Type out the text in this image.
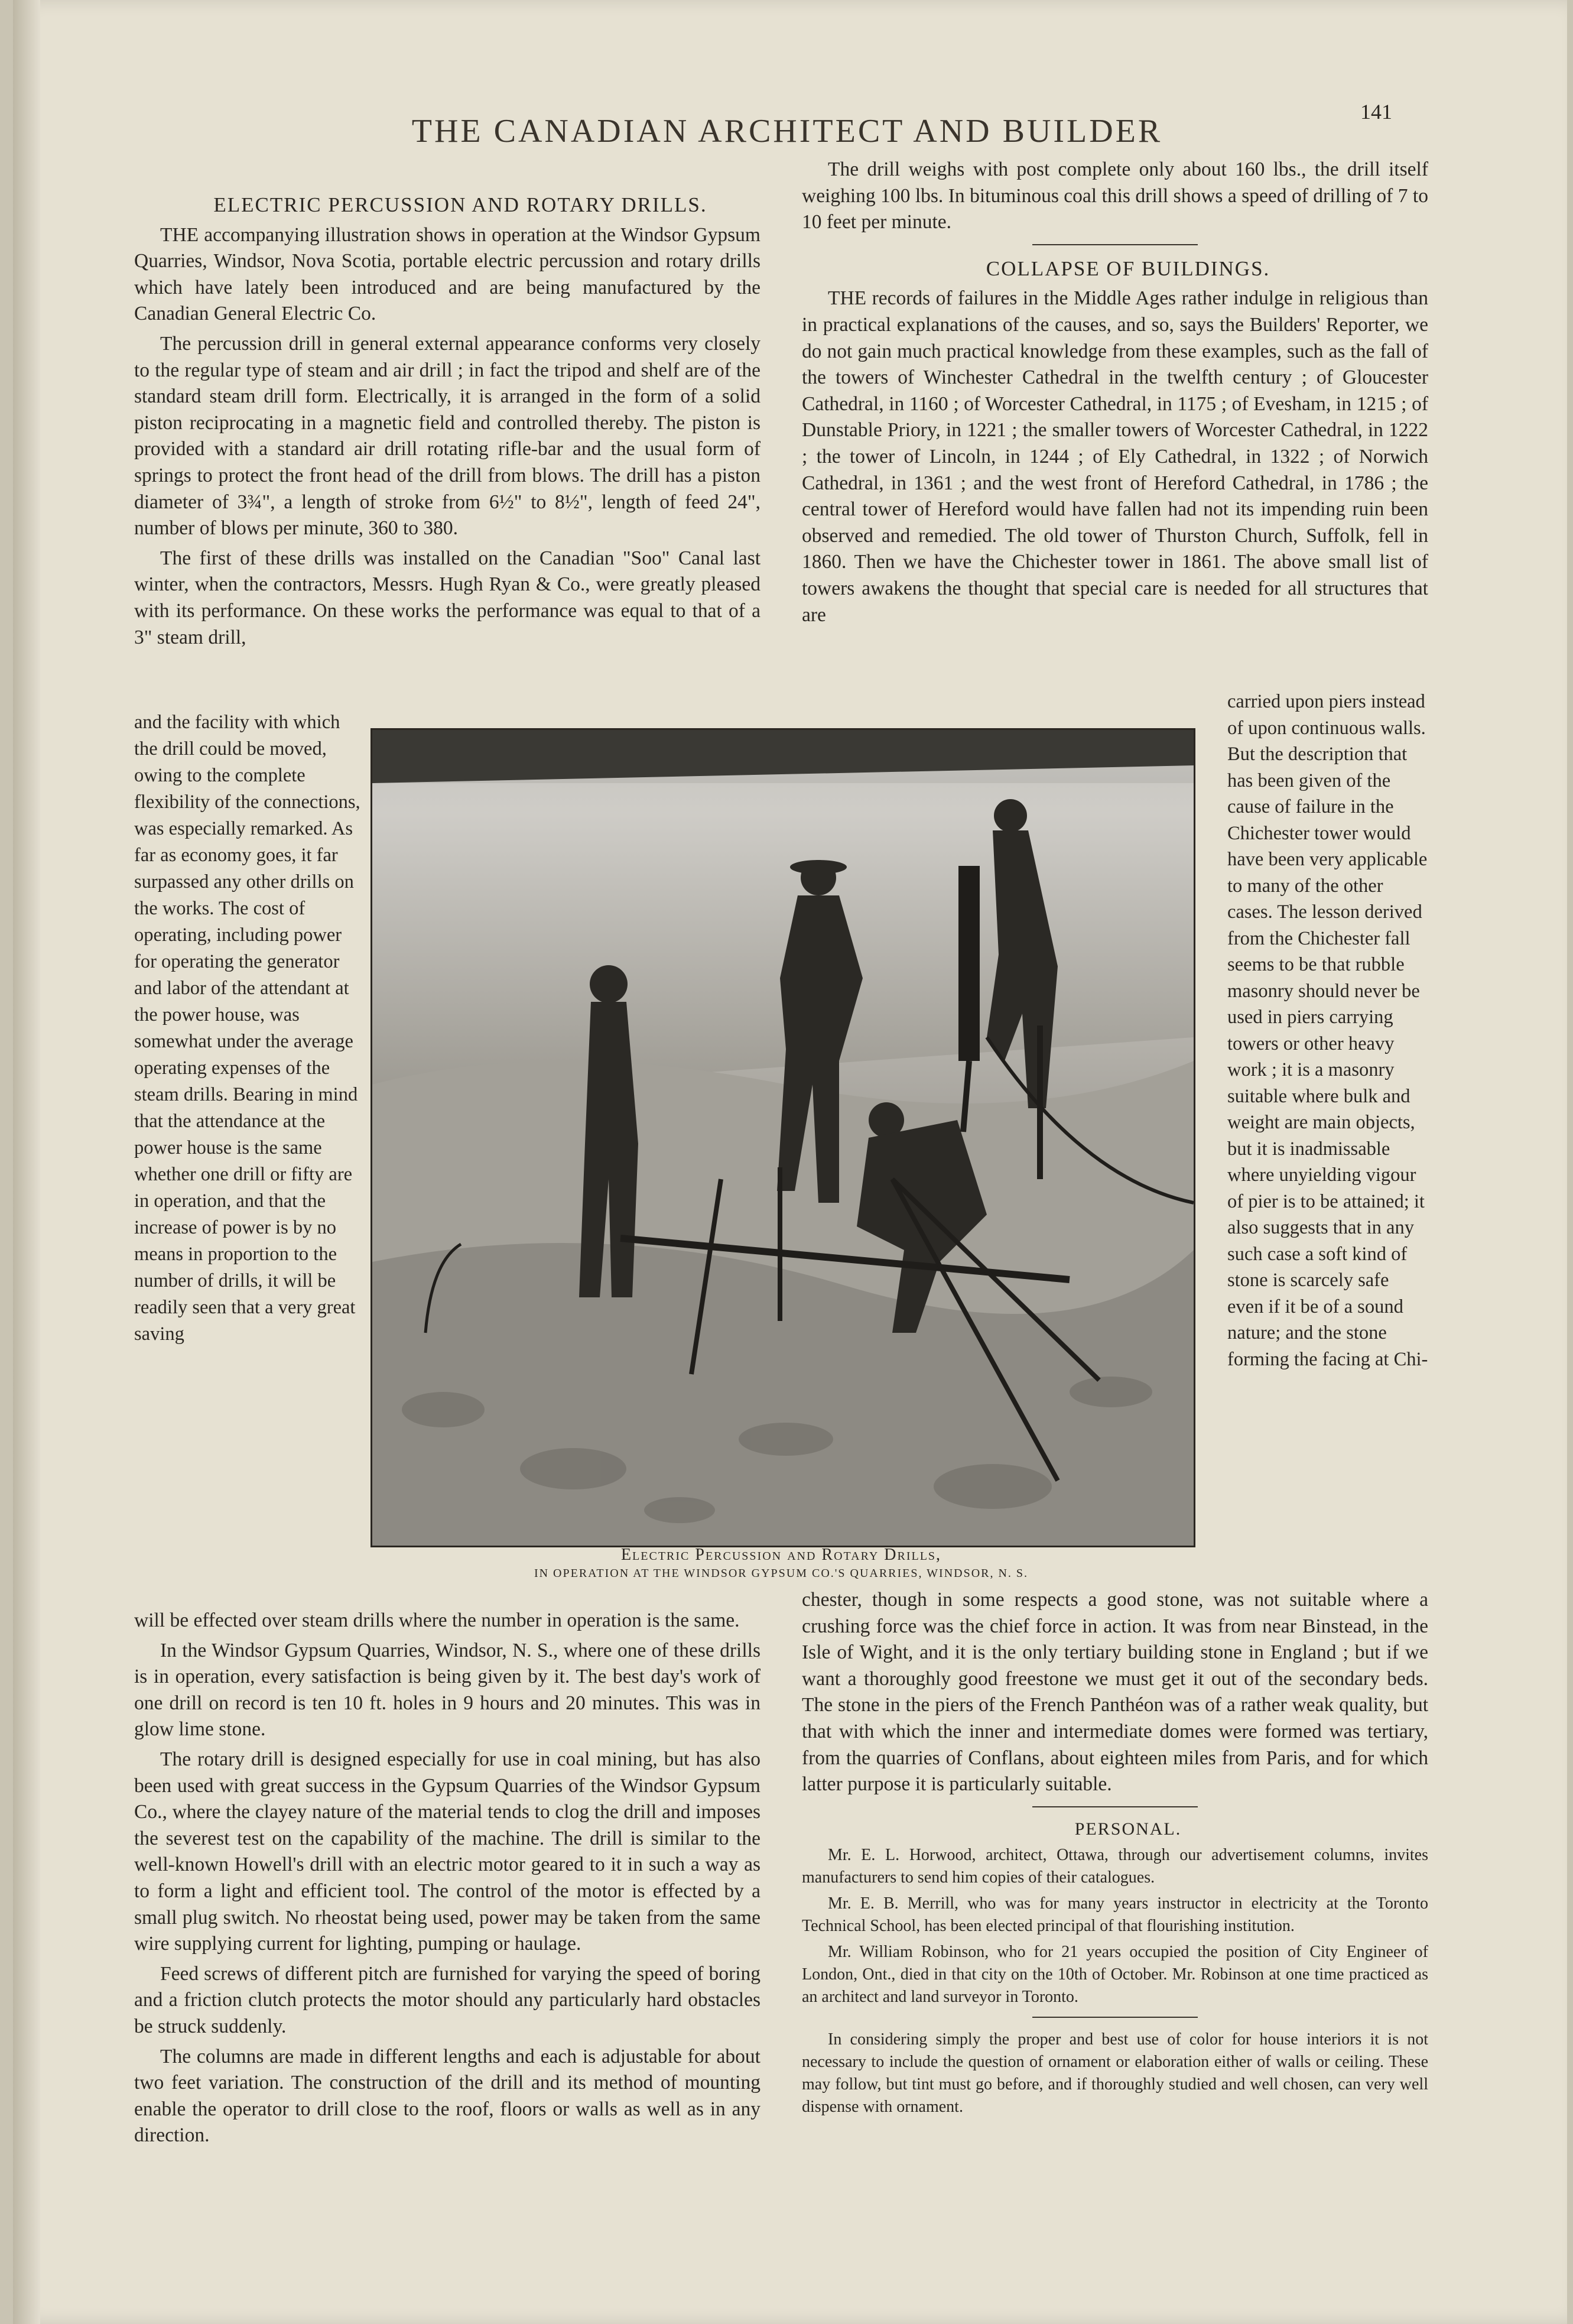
THE CANADIAN ARCHITECT AND BUILDER
141

ELECTRIC PERCUSSION AND ROTARY DRILLS.

THE accompanying illustration shows in operation at the Windsor Gypsum Quarries, Windsor, Nova Scotia, portable electric percussion and rotary drills which have lately been introduced and are being manufactured by the Canadian General Electric Co.

The percussion drill in general external appearance conforms very closely to the regular type of steam and air drill ; in fact the tripod and shelf are of the standard steam drill form. Electrically, it is arranged in the form of a solid piston reciprocating in a magnetic field and controlled thereby. The piston is provided with a standard air drill rotating rifle-bar and the usual form of springs to protect the front head of the drill from blows. The drill has a piston diameter of 3¾", a length of stroke from 6½" to 8½", length of feed 24", number of blows per minute, 360 to 380.

The first of these drills was installed on the Canadian "Soo" Canal last winter, when the contractors, Messrs. Hugh Ryan & Co., were greatly pleased with its performance. On these works the performance was equal to that of a 3" steam drill,

The drill weighs with post complete only about 160 lbs., the drill itself weighing 100 lbs. In bituminous coal this drill shows a speed of drilling of 7 to 10 feet per minute.

COLLAPSE OF BUILDINGS.

THE records of failures in the Middle Ages rather indulge in religious than in practical explanations of the causes, and so, says the Builders' Reporter, we do not gain much practical knowledge from these examples, such as the fall of the towers of Winchester Cathedral in the twelfth century ; of Gloucester Cathedral, in 1160 ; of Worcester Cathedral, in 1175 ; of Evesham, in 1215 ; of Dunstable Priory, in 1221 ; the smaller towers of Worcester Cathedral, in 1222 ; the tower of Lincoln, in 1244 ; of Ely Cathedral, in 1322 ; of Norwich Cathedral, in 1361 ; and the west front of Hereford Cathedral, in 1786 ; the central tower of Hereford would have fallen had not its impending ruin been observed and remedied. The old tower of Thurston Church, Suffolk, fell in 1860. Then we have the Chichester tower in 1861. The above small list of towers awakens the thought that special care is needed for all structures that are

and the facility with which the drill could be moved, owing to the complete flexibility of the connections, was especially remarked. As far as economy goes, it far surpassed any other drills on the works. The cost of operating, including power for operating the generator and labor of the attendant at the power house, was somewhat under the average operating expenses of the steam drills. Bearing in mind that the attendance at the power house is the same whether one drill or fifty are in operation, and that the increase of power is by no means in proportion to the number of drills, it will be readily seen that a very great saving

carried upon piers instead of upon continuous walls. But the description that has been given of the cause of failure in the Chichester tower would have been very applicable to many of the other cases. The lesson derived from the Chichester fall seems to be that rubble masonry should never be used in piers carrying towers or other heavy work ; it is a masonry suitable where bulk and weight are main objects, but it is inadmissable where unyielding vigour of pier is to be attained; it also suggests that in any such case a soft kind of stone is scarcely safe even if it be of a sound nature; and the stone forming the facing at Chi-

Electric Percussion and Rotary Drills,
IN OPERATION AT THE WINDSOR GYPSUM CO.'S QUARRIES, WINDSOR, N. S.

will be effected over steam drills where the number in operation is the same.

In the Windsor Gypsum Quarries, Windsor, N. S., where one of these drills is in operation, every satisfaction is being given by it. The best day's work of one drill on record is ten 10 ft. holes in 9 hours and 20 minutes. This was in glow lime stone.

The rotary drill is designed especially for use in coal mining, but has also been used with great success in the Gypsum Quarries of the Windsor Gypsum Co., where the clayey nature of the material tends to clog the drill and imposes the severest test on the capability of the machine. The drill is similar to the well-known Howell's drill with an electric motor geared to it in such a way as to form a light and efficient tool. The control of the motor is effected by a small plug switch. No rheostat being used, power may be taken from the same wire supplying current for lighting, pumping or haulage.

Feed screws of different pitch are furnished for varying the speed of boring and a friction clutch protects the motor should any particularly hard obstacles be struck suddenly.

The columns are made in different lengths and each is adjustable for about two feet variation. The construction of the drill and its method of mounting enable the operator to drill close to the roof, floors or walls as well as in any direction.

chester, though in some respects a good stone, was not suitable where a crushing force was the chief force in action. It was from near Binstead, in the Isle of Wight, and it is the only tertiary building stone in England ; but if we want a thoroughly good freestone we must get it out of the secondary beds. The stone in the piers of the French Panthéon was of a rather weak quality, but that with which the inner and intermediate domes were formed was tertiary, from the quarries of Conflans, about eighteen miles from Paris, and for which latter purpose it is particularly suitable.

PERSONAL.

Mr. E. L. Horwood, architect, Ottawa, through our advertisement columns, invites manufacturers to send him copies of their catalogues.

Mr. E. B. Merrill, who was for many years instructor in electricity at the Toronto Technical School, has been elected principal of that flourishing institution.

Mr. William Robinson, who for 21 years occupied the position of City Engineer of London, Ont., died in that city on the 10th of October. Mr. Robinson at one time practiced as an architect and land surveyor in Toronto.

In considering simply the proper and best use of color for house interiors it is not necessary to include the question of ornament or elaboration either of walls or ceiling. These may follow, but tint must go before, and if thoroughly studied and well chosen, can very well dispense with ornament.
